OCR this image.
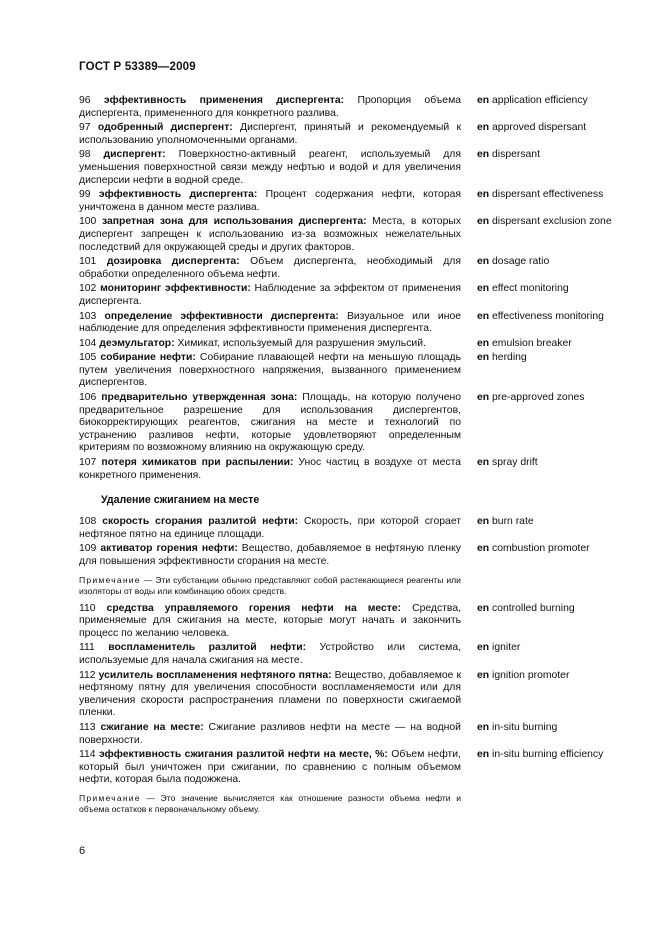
ГОСТ Р 53389—2009
96 эффективность применения диспергента: Пропорция объема диспергента, примененного для конкретного разлива.
en application efficiency
97 одобренный диспергент: Диспергент, принятый и рекомендуемый к использованию уполномоченными органами.
en approved dispersant
98 диспергент: Поверхностно-активный реагент, используемый для уменьшения поверхностной связи между нефтью и водой и для увеличения дисперсии нефти в водной среде.
en dispersant
99 эффективность диспергента: Процент содержания нефти, которая уничтожена в данном месте разлива.
en dispersant effectiveness
100 запретная зона для использования диспергента: Места, в которых диспергент запрещен к использованию из-за возможных нежелательных последствий для окружающей среды и других факторов.
en dispersant exclusion zone
101 дозировка диспергента: Объем диспергента, необходимый для обработки определенного объема нефти.
en dosage ratio
102 мониторинг эффективности: Наблюдение за эффектом от применения диспергента.
en effect monitoring
103 определение эффективности диспергента: Визуальное или иное наблюдение для определения эффективности применения диспергента.
en effectiveness monitoring
104 деэмульгатор: Химикат, используемый для разрушения эмульсий.	en emulsion breaker
105 собирание нефти: Собирание плавающей нефти на меньшую площадь путем увеличения поверхностного напряжения, вызванного применением диспергентов.
en herding
106 предварительно утвержденная зона: Площадь, на которую получено предварительное разрешение для использования диспергентов, биокорректирующих реагентов, сжигания на месте и технологий по устранению разливов нефти, которые удовлетворяют определенным критериям по возможному влиянию на окружающую среду.
en pre-approved zones
107 потеря химикатов при распылении: Унос частиц в воздухе от места конкретного применения.
en spray drift
Удаление сжиганием на месте
108 скорость сгорания разлитой нефти: Скорость, при которой сгорает нефтяное пятно на единице площади.
en burn rate
109 активатор горения нефти: Вещество, добавляемое в нефтяную пленку для повышения эффективности сгорания на месте.
en combustion promoter
Примечание — Эти субстанции обычно представляют собой растекающиеся реагенты или изоляторы от воды или комбинацию обоих средств.
110 средства управляемого горения нефти на месте: Средства, применяемые для сжигания на месте, которые могут начать и закончить процесс по желанию человека.
en controlled burning
111 воспламенитель разлитой нефти: Устройство или система, используемые для начала сжигания на месте.
en igniter
112 усилитель воспламенения нефтяного пятна: Вещество, добавляемое к нефтяному пятну для увеличения способности воспламеняемости или для увеличения скорости распространения пламени по поверхности сжигаемой пленки.
en ignition promoter
113 сжигание на месте: Сжигание разливов нефти на месте — на водной поверхности.
en in-situ burning
114 эффективность сжигания разлитой нефти на месте, %: Объем нефти, который был уничтожен при сжигании, по сравнению с полным объемом нефти, которая была подожжена.
en in-situ burning efficiency
Примечание — Это значение вычисляется как отношение разности объема нефти и объема остатков к первоначальному объему.
6
